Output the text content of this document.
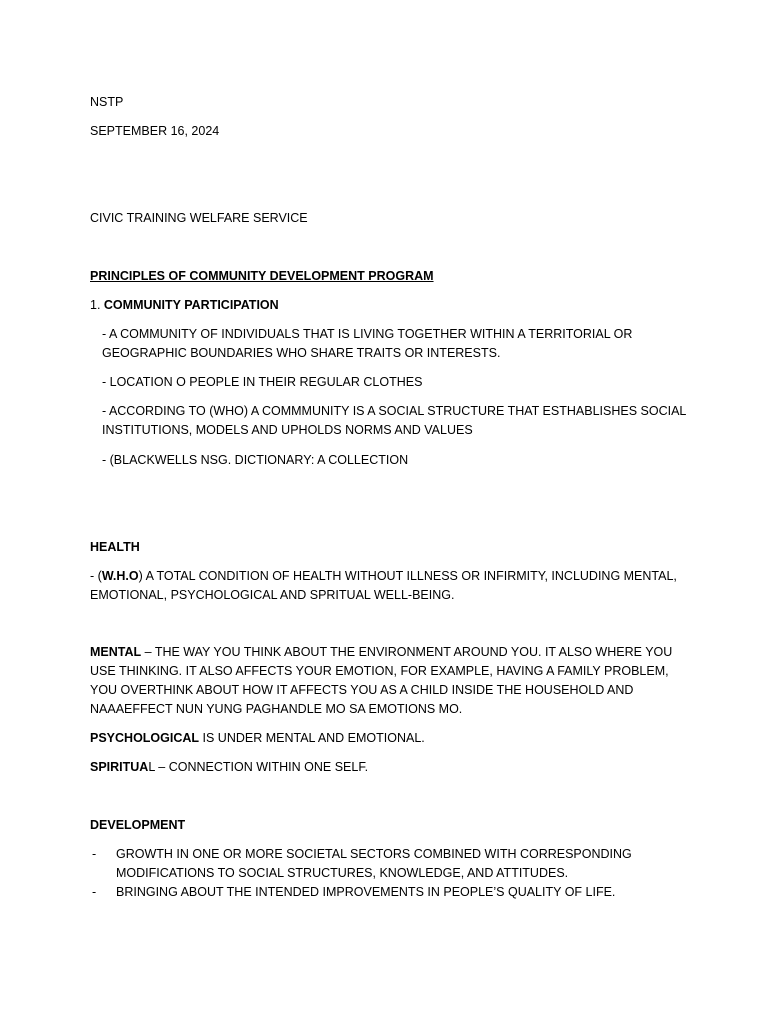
NSTP
SEPTEMBER 16, 2024
CIVIC TRAINING WELFARE SERVICE
PRINCIPLES OF COMMUNITY DEVELOPMENT PROGRAM
1. COMMUNITY PARTICIPATION
- A COMMUNITY OF INDIVIDUALS THAT IS LIVING TOGETHER WITHIN A TERRITORIAL OR GEOGRAPHIC BOUNDARIES WHO SHARE TRAITS OR INTERESTS.
- LOCATION O PEOPLE IN THEIR REGULAR CLOTHES
- ACCORDING TO (WHO) A COMMMUNITY IS A SOCIAL STRUCTURE THAT ESTHABLISHES SOCIAL INSTITUTIONS, MODELS AND UPHOLDS NORMS AND VALUES
- (BLACKWELLS NSG. DICTIONARY: A COLLECTION
HEALTH
- (W.H.O) A TOTAL CONDITION OF HEALTH WITHOUT ILLNESS OR INFIRMITY, INCLUDING MENTAL, EMOTIONAL, PSYCHOLOGICAL AND SPRITUAL WELL-BEING.
MENTAL – THE WAY YOU THINK ABOUT THE ENVIRONMENT AROUND YOU. IT ALSO WHERE YOU USE THINKING. IT ALSO AFFECTS YOUR EMOTION, FOR EXAMPLE, HAVING A FAMILY PROBLEM, YOU OVERTHINK ABOUT HOW IT AFFECTS YOU AS A CHILD INSIDE THE HOUSEHOLD AND NAAAEFFECT NUN YUNG PAGHANDLE MO SA EMOTIONS MO.
PSYCHOLOGICAL IS UNDER MENTAL AND EMOTIONAL.
SPIRITUAL – CONNECTION WITHIN ONE SELF.
DEVELOPMENT
-	GROWTH IN ONE OR MORE SOCIETAL SECTORS COMBINED WITH CORRESPONDING MODIFICATIONS TO SOCIAL STRUCTURES, KNOWLEDGE, AND ATTITUDES.
-	BRINGING ABOUT THE INTENDED IMPROVEMENTS IN PEOPLE’S QUALITY OF LIFE.
